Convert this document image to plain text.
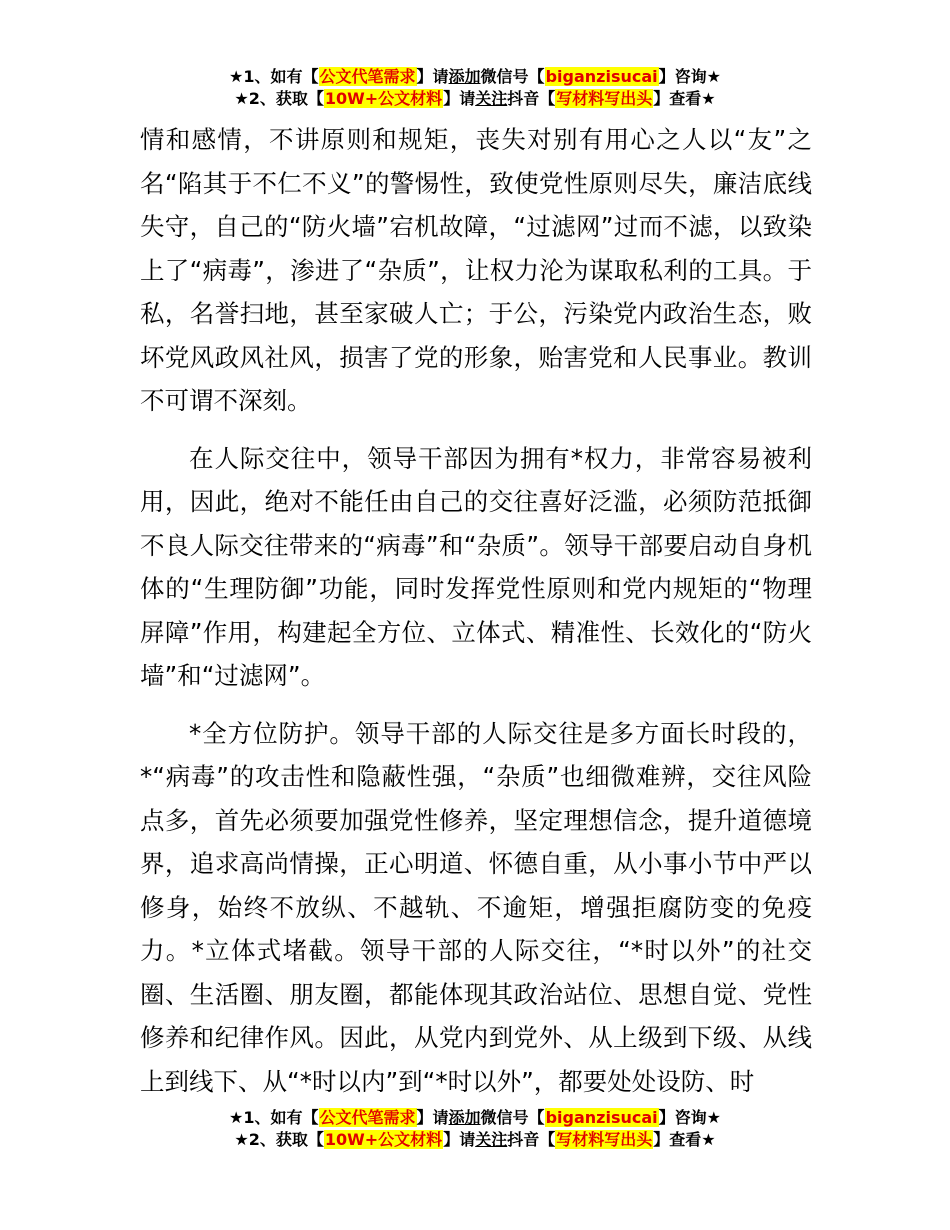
★1、如有【公文代笔需求】请添加微信号【biganzisucai】咨询★
★2、获取【10W+公文材料】请关注抖音【写材料写出头】查看★

情和感情，不讲原则和规矩，丧失对别有用心之人以“友”之名“陷其于不仁不义”的警惕性，致使党性原则尽失，廉洁底线失守，自己的“防火墙”宕机故障，“过滤网”过而不滤，以致染上了“病毒”，渗进了“杂质”，让权力沦为谋取私利的工具。于私，名誉扫地，甚至家破人亡；于公，污染党内政治生态，败坏党风政风社风，损害了党的形象，贻害党和人民事业。教训不可谓不深刻。

在人际交往中，领导干部因为拥有*权力，非常容易被利用，因此，绝对不能任由自己的交往喜好泛滥，必须防范抵御不良人际交往带来的“病毒”和“杂质”。领导干部要启动自身机体的“生理防御”功能，同时发挥党性原则和党内规矩的“物理屏障”作用，构建起全方位、立体式、精准性、长效化的“防火墙”和“过滤网”。

*全方位防护。领导干部的人际交往是多方面长时段的，*“病毒”的攻击性和隐蔽性强，“杂质”也细微难辨，交往风险点多，首先必须要加强党性修养，坚定理想信念，提升道德境界，追求高尚情操，正心明道、怀德自重，从小事小节中严以修身，始终不放纵、不越轨、不逾矩，增强拒腐防变的免疫力。*立体式堵截。领导干部的人际交往，“*时以外”的社交圈、生活圈、朋友圈，都能体现其政治站位、思想自觉、党性修养和纪律作风。因此，从党内到党外、从上级到下级、从线上到线下、从“*时以内”到“*时以外”，都要处处设防、时

★1、如有【公文代笔需求】请添加微信号【biganzisucai】咨询★
★2、获取【10W+公文材料】请关注抖音【写材料写出头】查看★
